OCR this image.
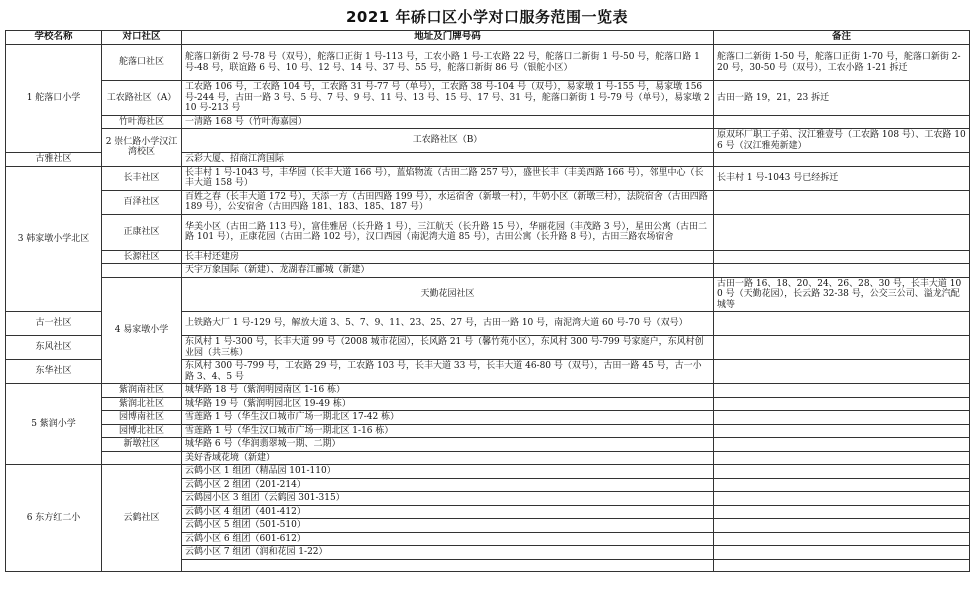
2021 年硚口区小学对口服务范围一览表
学校名称	对口社区	地址及门牌号码	备注	
1 舵落口小学	舵落口社区	舵落口新街 2 号-78 号（双号），舵落口正街 1 号-113 号，工农小路 1 号-工农路 22 号，舵落口二新街 1 号-50 号，舵落口路 1 号-48 号，联谊路 6 号、10 号、12 号、14 号、37 号、55 号，舵落口新街 86 号（银舵小区）	舵落口二新街 1-50 号，舵落口正街 1-70 号，舵落口新街 2-20 号，30-50 号（双号），工农小路 1-21 拆迁	
	工农路社区（A）	工农路 106 号，工农路 104 号，工农路 31 号-77 号（单号），工农路 38 号-104 号（双号），易家墩 1 号-155 号，易家墩 156 号-244 号，古田一路 3 号、5 号、7 号、9 号、11 号、13 号、15 号、17 号、31 号，舵落口新街 1 号-79 号（单号），易家墩 210 号-213 号	古田一路 19，21，23 拆迁	
	竹叶海社区	一清路 168 号（竹叶海嘉园）		
	2 崇仁路小学汉江湾校区	工农路社区（B）	原双环厂职工子弟、汉江雅壹号（工农路 108 号）、工农路 106 号（汉江雅苑新建）	
古雅社区		云彩大厦、招商江湾国际		
3 韩家墩小学北区	长丰社区	长丰村 1 号-1043 号，丰华园（长丰大道 166 号），蓝焰物流（古田二路 257 号），盛世长丰（丰美西路 166 号），邻里中心（长丰大道 158 号）	长丰村 1 号-1043 号已经拆迁	
	百泽社区	百姓之春（长丰大道 172 号），天添一方（古田四路 199 号），水运宿舍（新墩一村），牛奶小区（新墩三村），法院宿舍（古田四路 189 号），公安宿舍（古田四路 181、183、185、187 号）		
	正康社区	华美小区（古田二路 113 号），富佳雅居（长升路 1 号），三江航天（长升路 15 号），华丽花园（丰茂路 3 号），星田公寓（古田二路 101 号），正康花园（古田二路 102 号），汉口西园（南泥湾大道 85 号），古田公寓（长升路 8 号），古田三路农场宿舍		
	长源社区	长丰村还建房		
		天宇万象国际（新建）、龙湖春江郦城（新建）		
	4 易家墩小学	天勤花园社区	古田一路 16、18、20、24、26、28、30 号，长丰大道 100 号（天勤花园），长云路 32-38 号，公交三公司、溢龙汽配城等	
古一社区		上铁路大厂 1 号-129 号，解放大道 3、5、7、9、11、23、25、27 号，古田一路 10 号，南泥湾大道 60 号-70 号（双号）		
东风社区		东风村 1 号-300 号，长丰大道 99 号（2008 城市花园），长风路 21 号（馨竹苑小区），东风村 300 号-799 号家庭户，东风村创业园（共三栋）		
东华社区		东风村 300 号-799 号，工农路 29 号，工农路 103 号，长丰大道 33 号，长丰大道 46-80 号（双号），古田一路 45 号，古一小路 3、4、5 号		
5 紫润小学	紫润南社区	城华路 18 号（紫润明园南区 1-16 栋）		
	紫润北社区	城华路 19 号（紫润明园北区 19-49 栋）		
	园博南社区	雪莲路 1 号（华生汉口城市广场一期北区 17-42 栋）		
	园博北社区	雪莲路 1 号（华生汉口城市广场一期北区 1-16 栋）		
	新墩社区	城华路 6 号（华润翡翠城一期、二期）		
		美好香域花境（新建）		
6 东方红二小	云鹤社区	云鹤小区 1 组团（精品园 101-110）		
		云鹤小区 2 组团（201-214）		
		云鹤园小区 3 组团（云鹤园 301-315）		
		云鹤小区 4 组团（401-412）		
		云鹤小区 5 组团（501-510）		
		云鹤小区 6 组团（601-612）		
		云鹤小区 7 组团（润和花园 1-22）		
